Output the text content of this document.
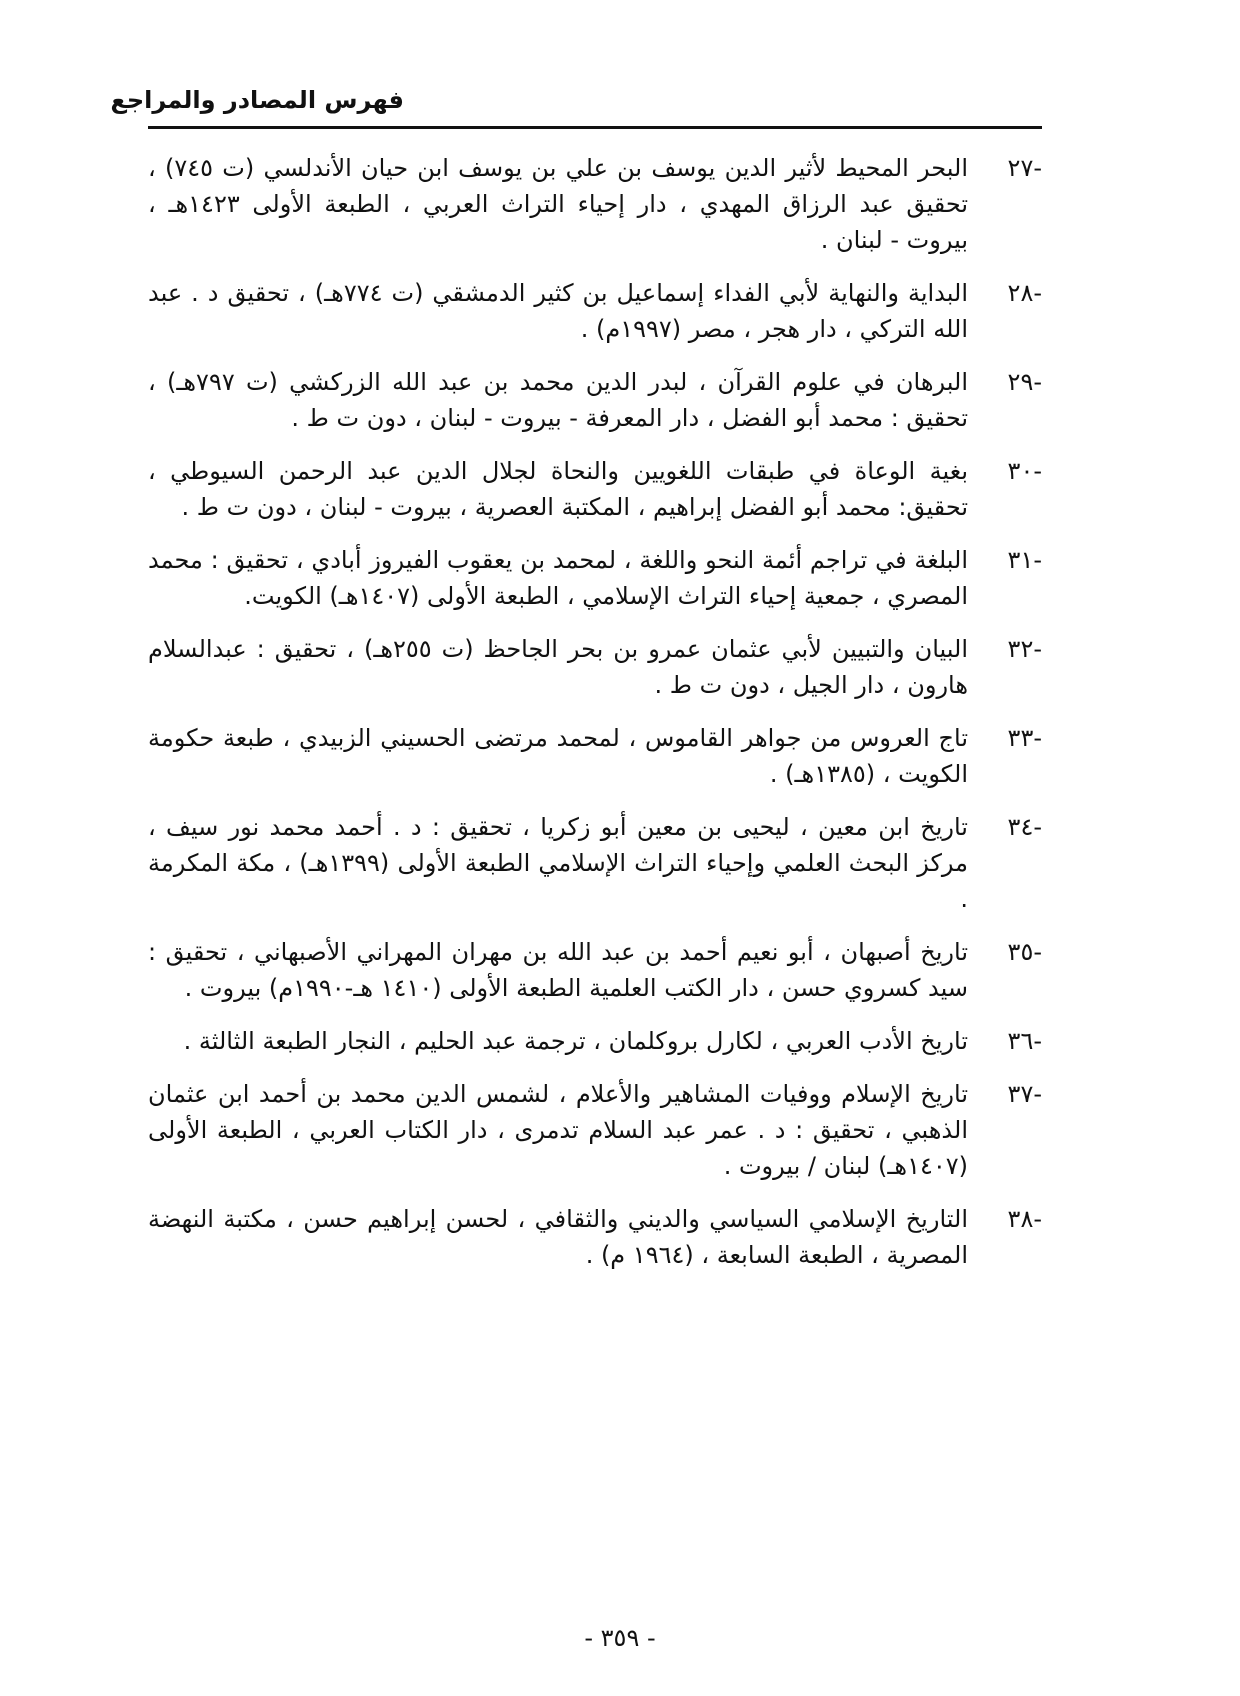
فهرس المصادر والمراجع
-٢٧
البحر المحيط لأثير الدين يوسف بن علي بن يوسف ابن حيان الأندلسي (ت ٧٤٥) ، تحقيق عبد الرزاق المهدي ، دار إحياء التراث العربي ، الطبعة الأولى ١٤٢٣هـ ، بيروت - لبنان .
-٢٨
البداية والنهاية لأبي الفداء إسماعيل بن كثير الدمشقي (ت ٧٧٤هـ) ، تحقيق د . عبد الله التركي ، دار هجر ، مصر (١٩٩٧م) .
-٢٩
البرهان في علوم القرآن ، لبدر الدين محمد بن عبد الله الزركشي (ت ٧٩٧هـ) ، تحقيق : محمد أبو الفضل ، دار المعرفة - بيروت - لبنان ، دون ت ط .
-٣٠
بغية الوعاة في طبقات اللغويين والنحاة لجلال الدين عبد الرحمن السيوطي ، تحقيق: محمد أبو الفضل إبراهيم ، المكتبة العصرية ، بيروت - لبنان ، دون ت ط .
-٣١
البلغة في تراجم أئمة النحو واللغة ، لمحمد بن يعقوب الفيروز أبادي ، تحقيق : محمد المصري ، جمعية إحياء التراث الإسلامي ، الطبعة الأولى (١٤٠٧هـ) الكويت.
-٣٢
البيان والتبيين لأبي عثمان عمرو بن بحر الجاحظ (ت ٢٥٥هـ) ، تحقيق : عبدالسلام هارون ، دار الجيل ، دون ت ط .
-٣٣
تاج العروس من جواهر القاموس ، لمحمد مرتضى الحسيني الزبيدي ، طبعة حكومة الكويت ، (١٣٨٥هـ) .
-٣٤
تاريخ ابن معين ، ليحيى بن معين أبو زكريا ، تحقيق : د . أحمد محمد نور سيف ، مركز البحث العلمي وإحياء التراث الإسلامي الطبعة الأولى (١٣٩٩هـ) ، مكة المكرمة .
-٣٥
تاريخ أصبهان ، أبو نعيم أحمد بن عبد الله بن مهران المهراني الأصبهاني ، تحقيق : سيد كسروي حسن ، دار الكتب العلمية الطبعة الأولى (١٤١٠ هـ-١٩٩٠م) بيروت .
-٣٦
تاريخ الأدب العربي ، لكارل بروكلمان ، ترجمة عبد الحليم ، النجار الطبعة الثالثة .
-٣٧
تاريخ الإسلام ووفيات المشاهير والأعلام ، لشمس الدين محمد بن أحمد ابن عثمان الذهبي ، تحقيق : د . عمر عبد السلام تدمرى ، دار الكتاب العربي ، الطبعة الأولى (١٤٠٧هـ) لبنان / بيروت .
-٣٨
التاريخ الإسلامي السياسي والديني والثقافي ، لحسن إبراهيم حسن ، مكتبة النهضة المصرية ، الطبعة السابعة ، (١٩٦٤ م) .
- ٣٥٩ -
